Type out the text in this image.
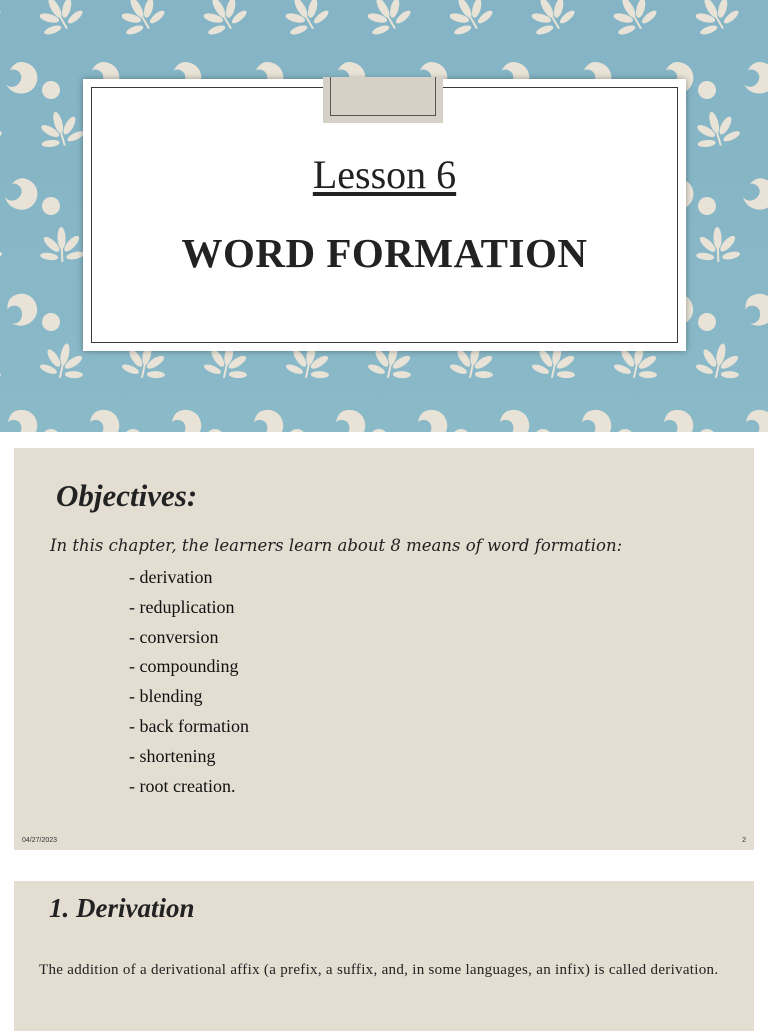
Lesson 6
WORD FORMATION
Objectives:
In this chapter, the learners learn about 8 means of word formation:
- derivation
- reduplication
- conversion
- compounding
- blending
- back formation
- shortening
- root creation.
04/27/2023	2
1. Derivation
The addition of a derivational affix (a prefix, a suffix, and, in some languages, an infix) is called derivation.
